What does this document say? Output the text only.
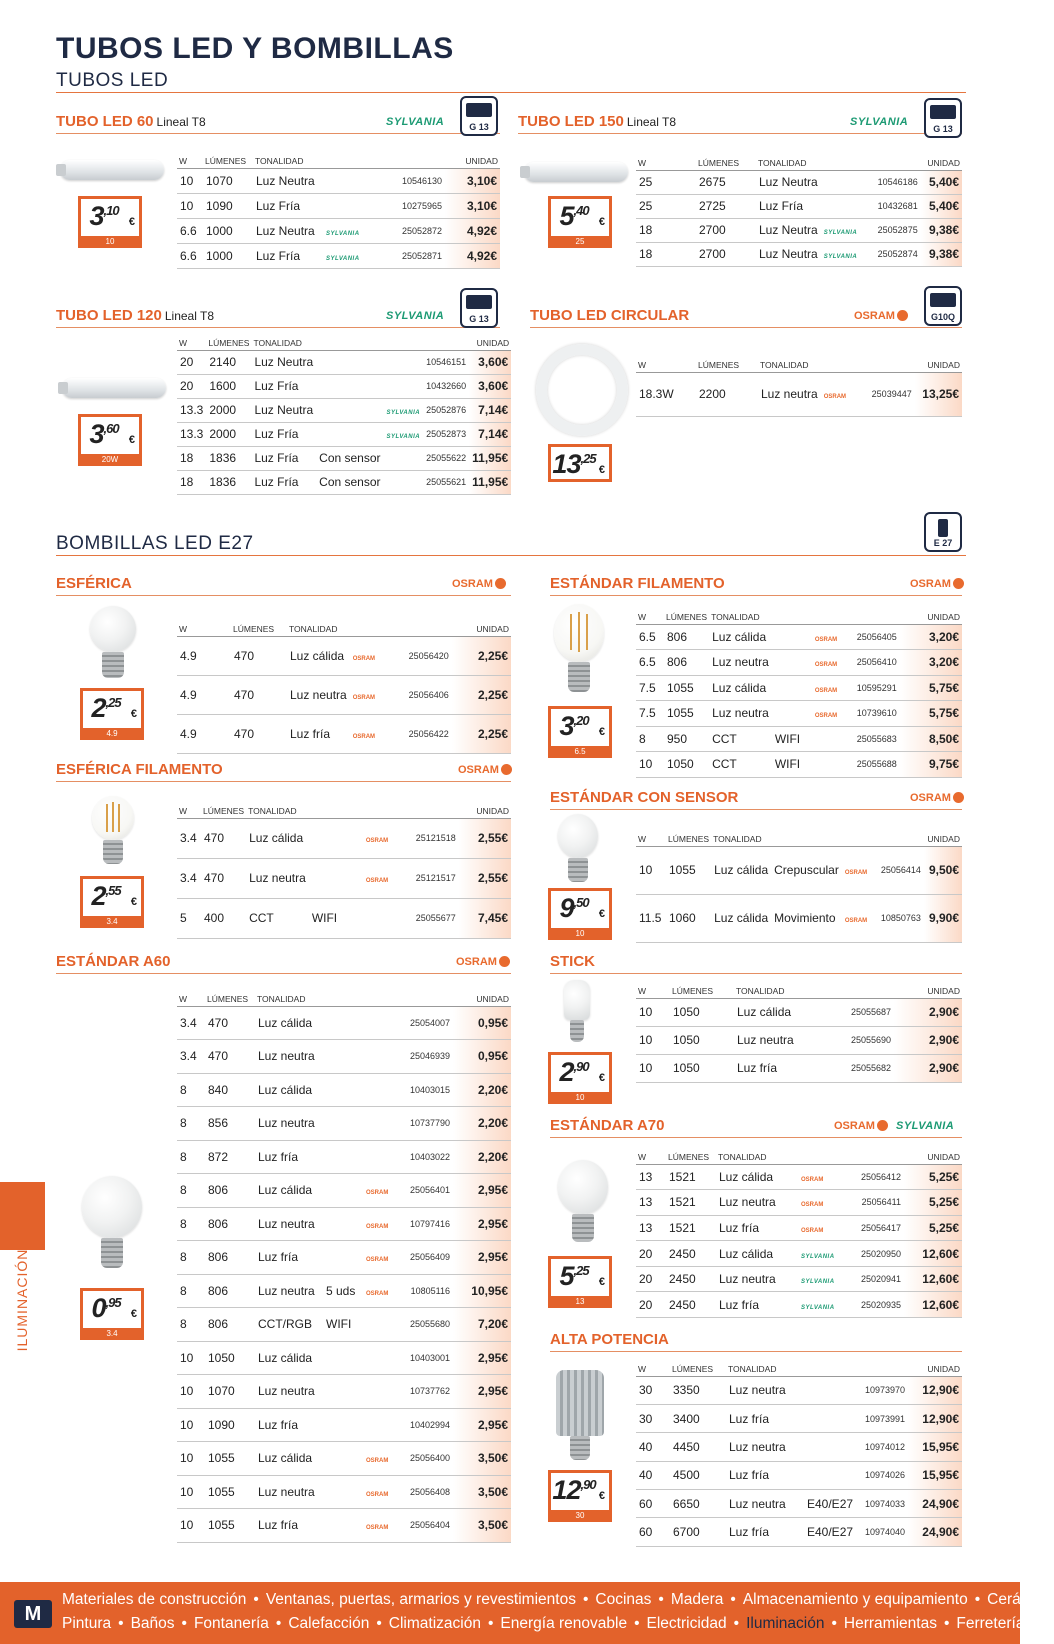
TUBOS LED Y BOMBILLAS
TUBOS LED
TUBO LED 60 Lineal T8	SYLVANIA	G 13
$3^{,10}$
€
10
W	LÚMENES	TONALIDAD			UNIDAD
10	1070	Luz Neutra		10546130	3,10€
10	1090	Luz Fría		10275965	3,10€
6.6	1000	Luz Neutra	SYLVANIA	25052872	4,92€
6.6	1000	Luz Fría	SYLVANIA	25052871	4,92€
TUBO LED 150 Lineal T8	SYLVANIA
G 13
$5^{,40}$
€
25
W	LÚMENES	TONALIDAD			UNIDAD
25	2675	Luz Neutra		10546186	5,40€
25	2725	Luz Fría		10432681	5,40€
18	2700	Luz Neutra	SYLVANIA	25052875	9,38€
18	2700	Luz Neutra	SYLVANIA	25052874	9,38€
TUBO LED 120 Lineal T8	SYLVANIA	G 13
$3^{,60}$
€
20W
W	LÚMENES	TONALIDAD				UNIDAD
20	2140	Luz Neutra			10546151	3,60€
20	1600	Luz Fría			10432660	3,60€
13.3	2000	Luz Neutra		SYLVANIA	25052876	7,14€
13.3	2000	Luz Fría		SYLVANIA	25052873	7,14€
18	1836	Luz Fría	Con sensor		25055622	11,95€
18	1836	Luz Fría	Con sensor		25055621	11,95€
TUBO LED CIRCULAR	OSRAM	G10Q
$13^{,25}$
€
W	LÚMENES	TONALIDAD			UNIDAD
18.3W	2200	Luz neutra	OSRAM	25039447	13,25€
BOMBILLAS LED E27	E 27
ESFÉRICA	OSRAM
$2^{,25}$
€
4.9
W	LÚMENES	TONALIDAD			UNIDAD
4.9	470	Luz cálida	OSRAM	25056420	2,25€
4.9	470	Luz neutra	OSRAM	25056406	2,25€
4.9	470	Luz fría	OSRAM	25056422	2,25€
ESFÉRICA FILAMENTO	OSRAM
$2^{,55}$
€
3.4
W	LÚMENES	TONALIDAD				UNIDAD
3.4	470	Luz cálida		OSRAM	25121518	2,55€
3.4	470	Luz neutra		OSRAM	25121517	2,55€
5	400	CCT	WIFI		25055677	7,45€
ESTÁNDAR A60	OSRAM
$0^{,95}$
€
3.4
W	LÚMENES	TONALIDAD				UNIDAD
3.4	470	Luz cálida			25054007	0,95€
3.4	470	Luz neutra			25046939	0,95€
8	840	Luz cálida			10403015	2,20€
8	856	Luz neutra			10737790	2,20€
8	872	Luz fría			10403022	2,20€
8	806	Luz cálida		OSRAM	25056401	2,95€
8	806	Luz neutra		OSRAM	10797416	2,95€
8	806	Luz fría		OSRAM	25056409	2,95€
8	806	Luz neutra	5 uds	OSRAM	10805116	10,95€
8	806	CCT/RGB	WIFI		25055680	7,20€
10	1050	Luz cálida			10403001	2,95€
10	1070	Luz neutra			10737762	2,95€
10	1090	Luz fría			10402994	2,95€
10	1055	Luz cálida		OSRAM	25056400	3,50€
10	1055	Luz neutra		OSRAM	25056408	3,50€
10	1055	Luz fría		OSRAM	25056404	3,50€
ESTÁNDAR FILAMENTO	OSRAM
$3^{,20}$
€
6.5
W	LÚMENES	TONALIDAD				UNIDAD
6.5	806	Luz cálida		OSRAM	25056405	3,20€
6.5	806	Luz neutra		OSRAM	25056410	3,20€
7.5	1055	Luz cálida		OSRAM	10595291	5,75€
7.5	1055	Luz neutra		OSRAM	10739610	5,75€
8	950	CCT	WIFI		25055683	8,50€
10	1050	CCT	WIFI		25055688	9,75€
ESTÁNDAR CON SENSOR	OSRAM
$9^{,50}$
€
10
W	LÚMENES	TONALIDAD				UNIDAD
10	1055	Luz cálida	Crepuscular	OSRAM	25056414	9,50€
11.5	1060	Luz cálida	Movimiento	OSRAM	10850763	9,90€
STICK
$2^{,90}$
€
10
W	LÚMENES	TONALIDAD		UNIDAD
10	1050	Luz cálida	25055687	2,90€
10	1050	Luz neutra	25055690	2,90€
10	1050	Luz fría	25055682	2,90€
ESTÁNDAR A70	OSRAM	SYLVANIA
$5^{,25}$
€
13
W	LÚMENES	TONALIDAD			UNIDAD
13	1521	Luz cálida	OSRAM	25056412	5,25€
13	1521	Luz neutra	OSRAM	25056411	5,25€
13	1521	Luz fría	OSRAM	25056417	5,25€
20	2450	Luz cálida	SYLVANIA	25020950	12,60€
20	2450	Luz neutra	SYLVANIA	25020941	12,60€
20	2450	Luz fría	SYLVANIA	25020935	12,60€
ALTA POTENCIA
$12^{,90}$
€
30
W	LÚMENES	TONALIDAD			UNIDAD
30	3350	Luz neutra		10973970	12,90€
30	3400	Luz fría		10973991	12,90€
40	4450	Luz neutra		10974012	15,95€
40	4500	Luz fría		10974026	15,95€
60	6650	Luz neutra	E40/E27	10974033	24,90€
60	6700	Luz fría	E40/E27	10974040	24,90€
ILUMINACIÓN
M
Materiales de construcción • Ventanas, puertas, armarios y revestimientos • Cocinas • Madera • Almacenamiento y equipamiento • Cerámica
Pintura • Baños • Fontanería • Calefacción • Climatización • Energía renovable • Electricidad • Iluminación • Herramientas • Ferretería
